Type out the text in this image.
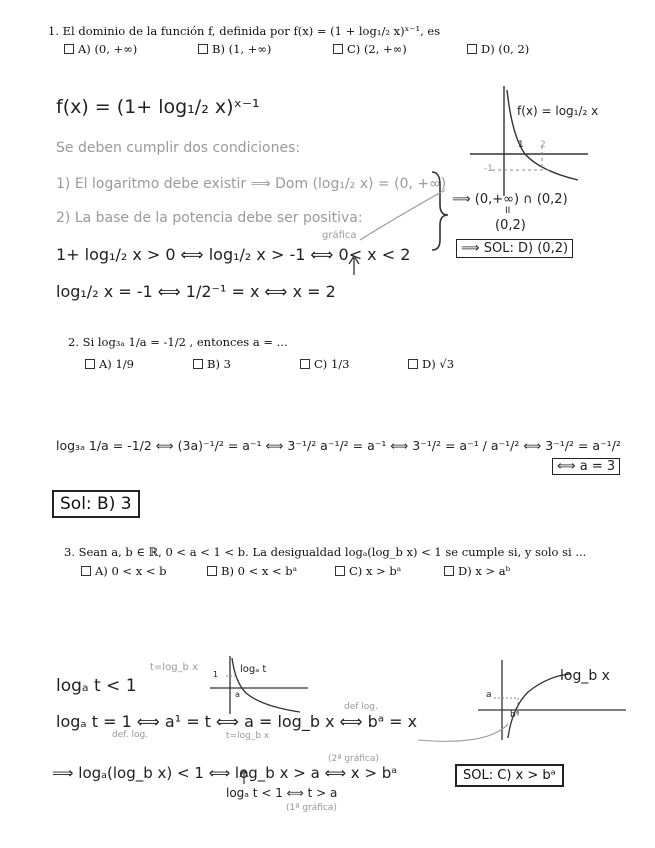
1. El dominio de la función f, definida por f(x) = (1 + log₁/₂ x)ˣ⁻¹, es
A) (0, +∞)	B) (1, +∞)	C) (2, +∞)	D) (0, 2)
f(x) = (1+ log₁/₂ x)ˣ⁻¹
Se deben cumplir dos condiciones:
1) El logaritmo debe existir ⟹ Dom (log₁/₂ x) = (0, +∞)
2) La base de la potencia debe ser positiva:
1+ log₁/₂ x > 0 ⟺ log₁/₂ x > -1 ⟺ 0< x < 2
gráfica
log₁/₂ x = -1 ⟺ 1/2⁻¹ = x ⟺ x = 2
f(x) = log₁/₂ x
1 2
-1
⟹ (0,+∞) ∩ (0,2)
II
(0,2)
⟹ SOL: D) (0,2)
2. Si log₃ₐ 1/a = -1/2 , entonces a = ...
A) 1/9	B) 3	C) 1/3	D) √3
log₃ₐ 1/a = -1/2 ⟺ (3a)⁻¹/² = a⁻¹ ⟺ 3⁻¹/² a⁻¹/² = a⁻¹ ⟺ 3⁻¹/² = a⁻¹ / a⁻¹/² ⟺ 3⁻¹/² = a⁻¹/²
⟺ a = 3
Sol: B) 3
3. Sean a, b ∈ ℝ, 0 < a < 1 < b. La desigualdad logₐ(log_b x) < 1 se cumple si, y solo si ...
A) 0 < x < b	B) 0 < x < bᵃ	C) x > bᵃ	D) x > aᵇ
t=log_b x
logₐ t < 1
logₐ t
1
a
logₐ t = 1 ⟺ a¹ = t ⟺ a = log_b x ⟺ bᵃ = x
def. log.	t=log_b x
def log.
log_b x
a
bᵃ
⟹ logₐ(log_b x) < 1 ⟺ log_b x > a ⟺ x > bᵃ
(2ª gráfica)
logₐ t < 1 ⟺ t > a
(1ª gráfica)
SOL: C) x > bᵃ
